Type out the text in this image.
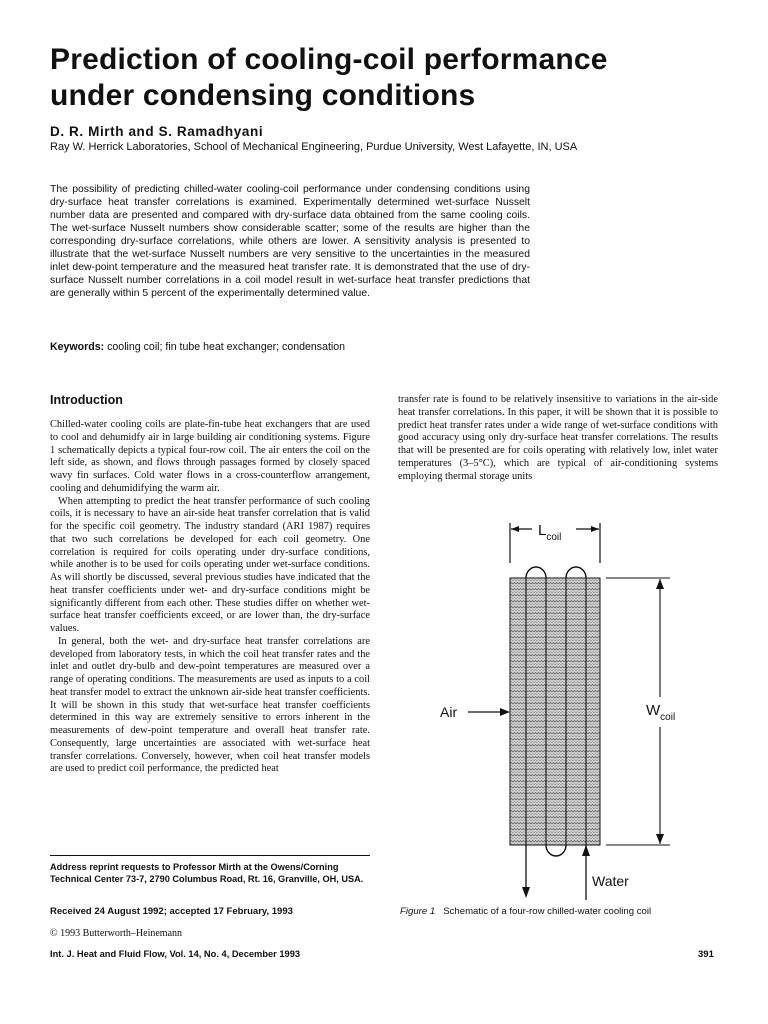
Prediction of cooling-coil performance
under condensing conditions
D. R. Mirth and S. Ramadhyani
Ray W. Herrick Laboratories, School of Mechanical Engineering, Purdue University, West Lafayette, IN, USA
The possibility of predicting chilled-water cooling-coil performance under condensing conditions using dry-surface heat transfer correlations is examined. Experimentally determined wet-surface Nusselt number data are presented and compared with dry-surface data obtained from the same cooling coils. The wet-surface Nusselt numbers show considerable scatter; some of the results are higher than the corresponding dry-surface correlations, while others are lower. A sensitivity analysis is presented to illustrate that the wet-surface Nusselt numbers are very sensitive to the uncertainties in the measured inlet dew-point temperature and the measured heat transfer rate. It is demonstrated that the use of dry-surface Nusselt number correlations in a coil model result in wet-surface heat transfer predictions that are generally within 5 percent of the experimentally determined value.
Keywords: cooling coil; fin tube heat exchanger; condensation
Introduction

Chilled-water cooling coils are plate-fin-tube heat exchangers that are used to cool and dehumidfy air in large building air conditioning systems. Figure 1 schematically depicts a typical four-row coil. The air enters the coil on the left side, as shown, and flows through passages formed by closely spaced wavy fin surfaces. Cold water flows in a cross-counterflow arrangement, cooling and dehumidifying the warm air.

When attempting to predict the heat transfer performance of such cooling coils, it is necessary to have an air-side heat transfer correlation that is valid for the specific coil geometry. The industry standard (ARI 1987) requires that two such correlations be developed for each coil geometry. One correlation is required for coils operating under dry-surface conditions, while another is to be used for coils operating under wet-surface conditions. As will shortly be discussed, several previous studies have indicated that the heat transfer coefficients under wet- and dry-surface conditions might be significantly different from each other. These studies differ on whether wet-surface heat transfer coefficients exceed, or are lower than, the dry-surface values.

In general, both the wet- and dry-surface heat transfer correlations are developed from laboratory tests, in which the coil heat transfer rates and the inlet and outlet dry-bulb and dew-point temperatures are measured over a range of operating conditions. The measurements are used as inputs to a coil heat transfer model to extract the unknown air-side heat transfer coefficients. It will be shown in this study that wet-surface heat transfer coefficients determined in this way are extremely sensitive to errors inherent in the measurements of dew-point temperature and overall heat transfer rate. Consequently, large uncertainties are associated with wet-surface heat transfer correlations. Conversely, however, when coil heat transfer models are used to predict coil performance, the predicted heat

transfer rate is found to be relatively insensitive to variations in the air-side heat transfer correlations. In this paper, it will be shown that it is possible to predict heat transfer rates under a wide range of wet-surface conditions with good accuracy using only dry-surface heat transfer correlations. The results that will be presented are for coils operating with relatively low, inlet water temperatures (3–5°C), which are typical of air-conditioning systems employing thermal storage units

Address reprint requests to Professor Mirth at the Owens/Corning Technical Center 73-7, 2790 Columbus Road, Rt. 16, Granville, OH, USA.
Received 24 August 1992; accepted 17 February, 1993
© 1993 Butterworth–Heinemann
Int. J. Heat and Fluid Flow, Vol. 14, No. 4, December 1993	391
$L_{coil}$
Water
Air	$W_{coil}$
Figure 1 Schematic of a four-row chilled-water cooling coil
